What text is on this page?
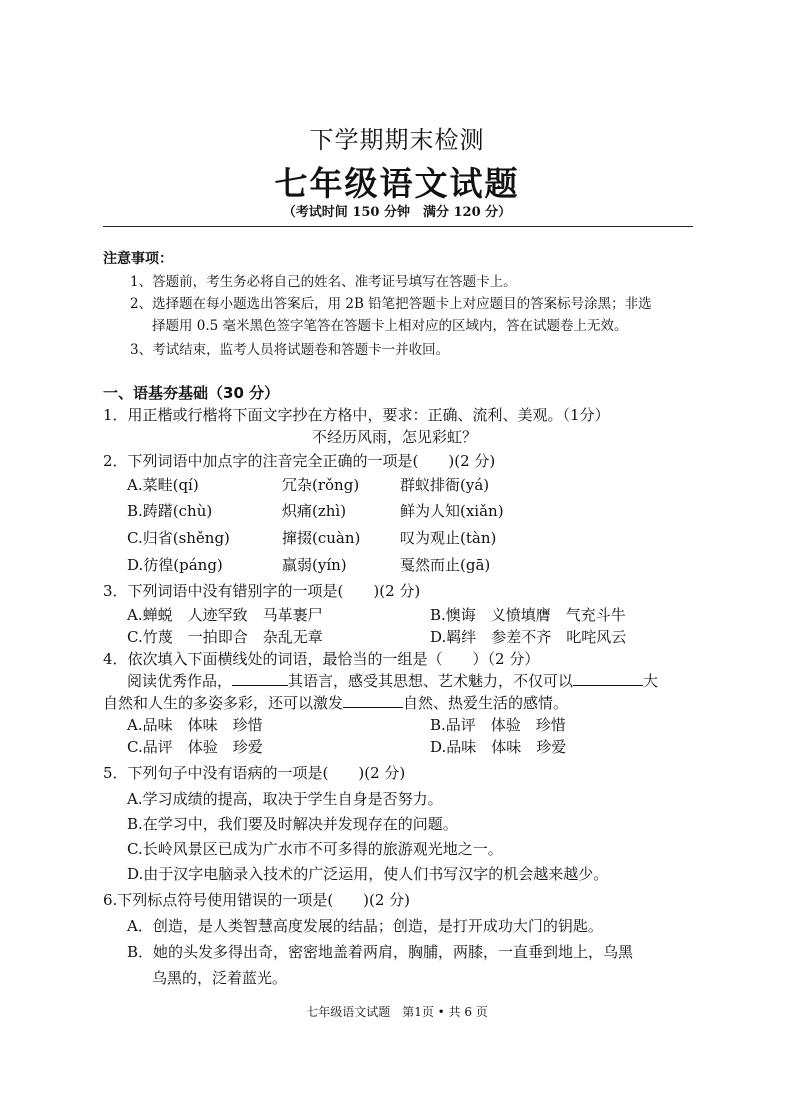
下学期期末检测
七年级语文试题
（考试时间 150 分钟　满分 120 分）
注意事项：
1、答题前，考生务必将自己的姓名、准考证号填写在答题卡上。
2、选择题在每小题选出答案后，用 2B 铅笔把答题卡上对应题目的答案标号涂黑；非选
择题用 0.5 毫米黑色签字笔答在答题卡上相对应的区域内，答在试题卷上无效。
3、考试结束，监考人员将试题卷和答题卡一并收回。
一、语基夯基础（30 分）
1．用正楷或行楷将下面文字抄在方格中，要求：正确、流利、美观。（1分）
不经历风雨，怎见彩虹？
2．下列词语中加点字的注音完全正确的一项是(　　)(2 分)
A.菜畦(qí)	冗杂(rǒng)	群蚁排衙(yá)
B.踌躇(chù)	炽痛(zhì)	鲜为人知(xiǎn)
C.归省(shěng)	撺掇(cuàn)	叹为观止(tàn)
D.彷徨(páng)	羸弱(yín)	戛然而止(gā)
3．下列词语中没有错别字的一项是(　　)(2 分)
A.蝉蜕　人迹罕致　马革裹尸	B.懊诲　义愤填膺　气充斗牛
C.竹蔑　一拍即合　杂乱无章	D.羁绊　参差不齐　叱咤风云
4．依次填入下面横线处的词语，最恰当的一组是（　　）（2 分）
阅读优秀作品，	其语言，感受其思想、艺术魅力，不仅可以	大
自然和人生的多姿多彩，还可以激发	自然、热爱生活的感情。
A.品味　体味　珍惜	B.品评　体验　珍惜
C.品评　体验　珍爱	D.品味　体味　珍爱
5．下列句子中没有语病的一项是(　　)(2 分)
A.学习成绩的提高，取决于学生自身是否努力。
B.在学习中，我们要及时解决并发现存在的问题。
C.长岭风景区已成为广水市不可多得的旅游观光地之一。
D.由于汉字电脑录入技术的广泛运用，使人们书写汉字的机会越来越少。
6.下列标点符号使用错误的一项是(　　)(2 分)
A．创造，是人类智慧高度发展的结晶；创造，是打开成功大门的钥匙。
B．她的头发多得出奇，密密地盖着两肩，胸脯，两膝，一直垂到地上，乌黑
乌黑的，泛着蓝光。
七年级语文试题　第1页 • 共 6 页
